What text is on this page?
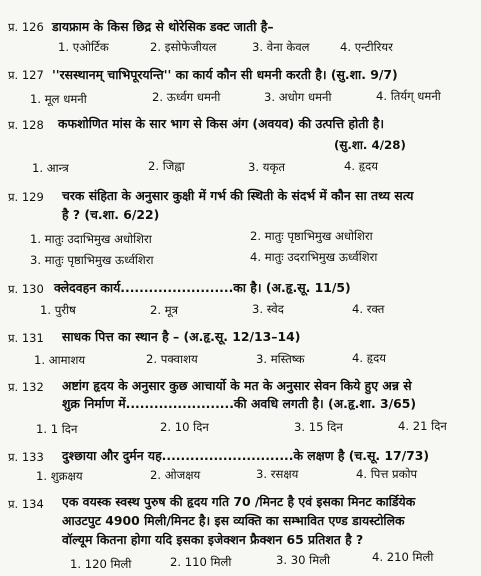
प्र. 126 डायफ्राम के किस छिद्र से थोरेसिक डक्ट जाती है–
1. एओर्टिक	2. इसोफेजीयल	3. वेना केवल	4. एन्टीरियर
प्र. 127 ''रसस्थानम् चाभिपूरयन्ति'' का कार्य कौन सी धमनी करती है। (सु.शा. 9/7)
1. मूल धमनी	2. ऊर्ध्वग धमनी	3. अधोग धमनी	4. तिर्यग् धमनी
प्र. 128 कफशोणित मांस के सार भाग से किस अंग (अवयव) की उत्पत्ति होती है।
(सु.शा. 4/28)
1. आन्त्र	2. जिह्वा	3. यकृत	4. हृदय
प्र. 129 चरक संहिता के अनुसार कुक्षी में गर्भ की स्थिती के संदर्भ में कौन सा तथ्य सत्य
है ? (च.शा. 6/22)
1. मातुः उदाभिमुख अधोशिरा	2. मातुः पृष्ठाभिमुख अधोशिरा
3. मातुः पृष्ठाभिमुख ऊर्ध्वशिरा	4. मातुः उदराभिमुख ऊर्ध्वशिरा
प्र. 130 क्लेदवहन कार्य........................का है। (अ.हृ.सू. 11/5)
1. पुरीष	2. मूत्र	3. स्वेद	4. रक्त
प्र. 131 साधक पित्त का स्थान है – (अ.हृ.सू. 12/13–14)
1. आमाशय	2. पक्वाशय	3. मस्तिष्क	4. हृदय
प्र. 132 अष्टांग हृदय के अनुसार कुछ आचार्यो के मत के अनुसार सेवन किये हुए अन्न से
शुक्र निर्माण में.......................की अवधि लगती है। (अ.हृ.शा. 3/65)
1. 1 दिन	2. 10 दिन	3. 15 दिन	4. 21 दिन
प्र. 133 दुश्छाया और दुर्मन यह............................के लक्षण है (च.सू. 17/73)
1. शुक्रक्षय	2. ओजक्षय	3. रसक्षय	4. पित्त प्रकोप
प्र. 134 एक वयस्क स्वस्थ पुरुष की हृदय गति 70 /मिनट है एवं इसका मिनट कार्डियेक
आउटपुट 4900 मिली/मिनट है। इस व्यक्ति का सम्भावित एण्ड डायस्टोलिक
वॉल्यूम कितना होगा यदि इसका इजेक्शन फ्रैक्शन 65 प्रतिशत है ?
1. 120 मिली	2. 110 मिली	3. 30 मिली	4. 210 मिली
